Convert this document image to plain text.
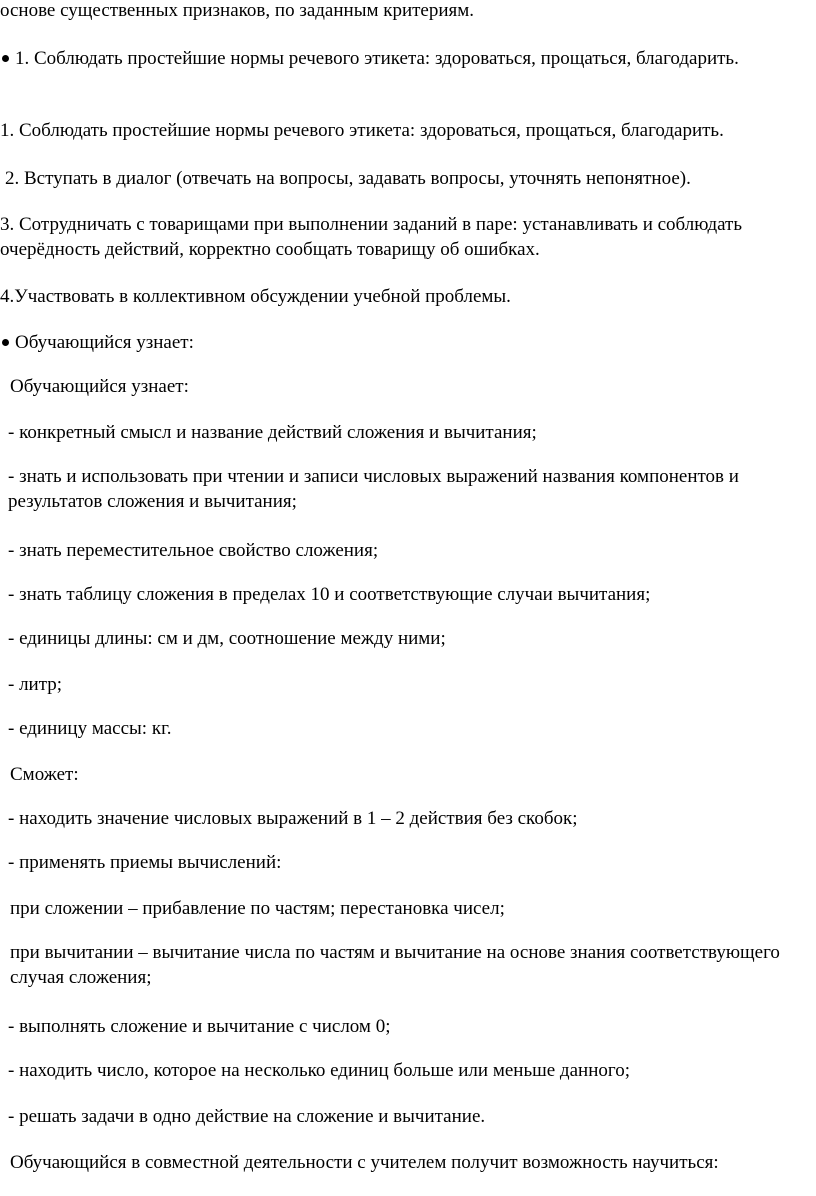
основе существенных признаков, по заданным критериям.

1. Соблюдать простейшие нормы речевого этикета: здороваться, прощаться, благодарить.

1. Соблюдать простейшие нормы речевого этикета: здороваться, прощаться, благодарить.

2. Вступать в диалог (отвечать на вопросы, задавать вопросы, уточнять непонятное).

3. Сотрудничать с товарищами при выполнении заданий в паре: устанавливать и соблюдать очерёдность действий, корректно сообщать товарищу об ошибках.

4.Участвовать в коллективном обсуждении учебной проблемы.

Обучающийся узнает:

Обучающийся узнает:

- конкретный смысл и название действий сложения и вычитания;

- знать и использовать при чтении и записи числовых выражений названия компонентов и результатов сложения и вычитания;

- знать переместительное свойство сложения;

- знать таблицу сложения в пределах 10 и соответствующие случаи вычитания;

- единицы длины: см и дм, соотношение между ними;

- литр;

- единицу массы: кг.

Сможет:

- находить значение числовых выражений в 1 – 2 действия без скобок;

- применять приемы вычислений:

при сложении – прибавление по частям; перестановка чисел;

при вычитании – вычитание числа по частям и вычитание на основе знания соответствующего случая сложения;

- выполнять сложение и вычитание с числом 0;

- находить число, которое на несколько единиц больше или меньше данного;

- решать задачи в одно действие на сложение и вычитание.

Обучающийся в совместной деятельности с учителем получит возможность научиться:
